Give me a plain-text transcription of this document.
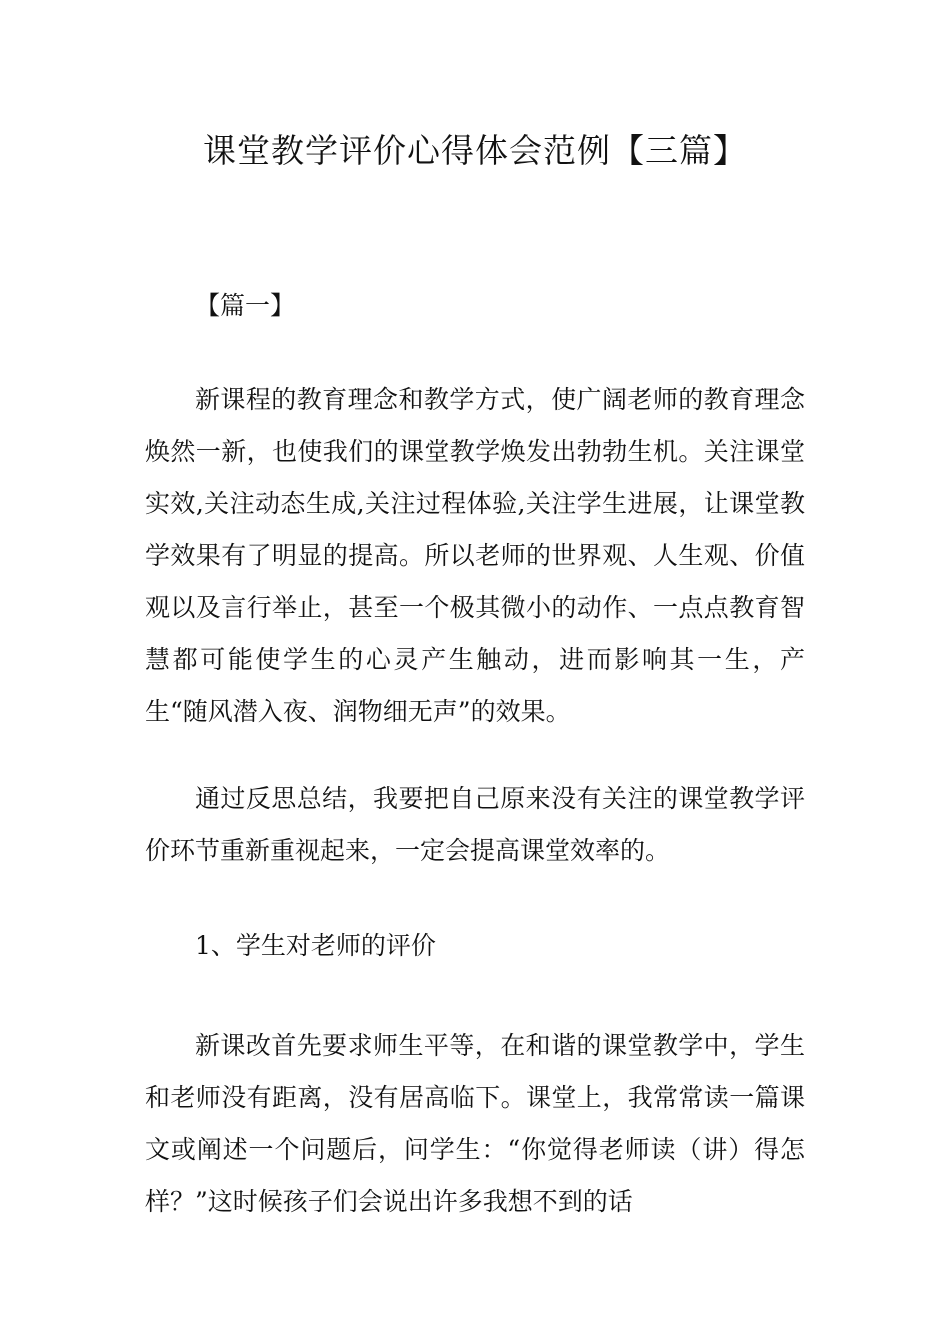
课堂教学评价心得体会范例【三篇】

【篇一】

新课程的教育理念和教学方式，使广阔老师的教育理念焕然一新，也使我们的课堂教学焕发出勃勃生机。关注课堂实效,关注动态生成,关注过程体验,关注学生进展，让课堂教学效果有了明显的提高。所以老师的世界观、人生观、价值观以及言行举止，甚至一个极其微小的动作、一点点教育智慧都可能使学生的心灵产生触动，进而影响其一生，产生“随风潜入夜、润物细无声”的效果。

通过反思总结，我要把自己原来没有关注的课堂教学评价环节重新重视起来，一定会提高课堂效率的。

1、学生对老师的评价

新课改首先要求师生平等，在和谐的课堂教学中，学生和老师没有距离，没有居高临下。课堂上，我常常读一篇课文或阐述一个问题后，问学生：“你觉得老师读（讲）得怎样？”这时候孩子们会说出许多我想不到的话
